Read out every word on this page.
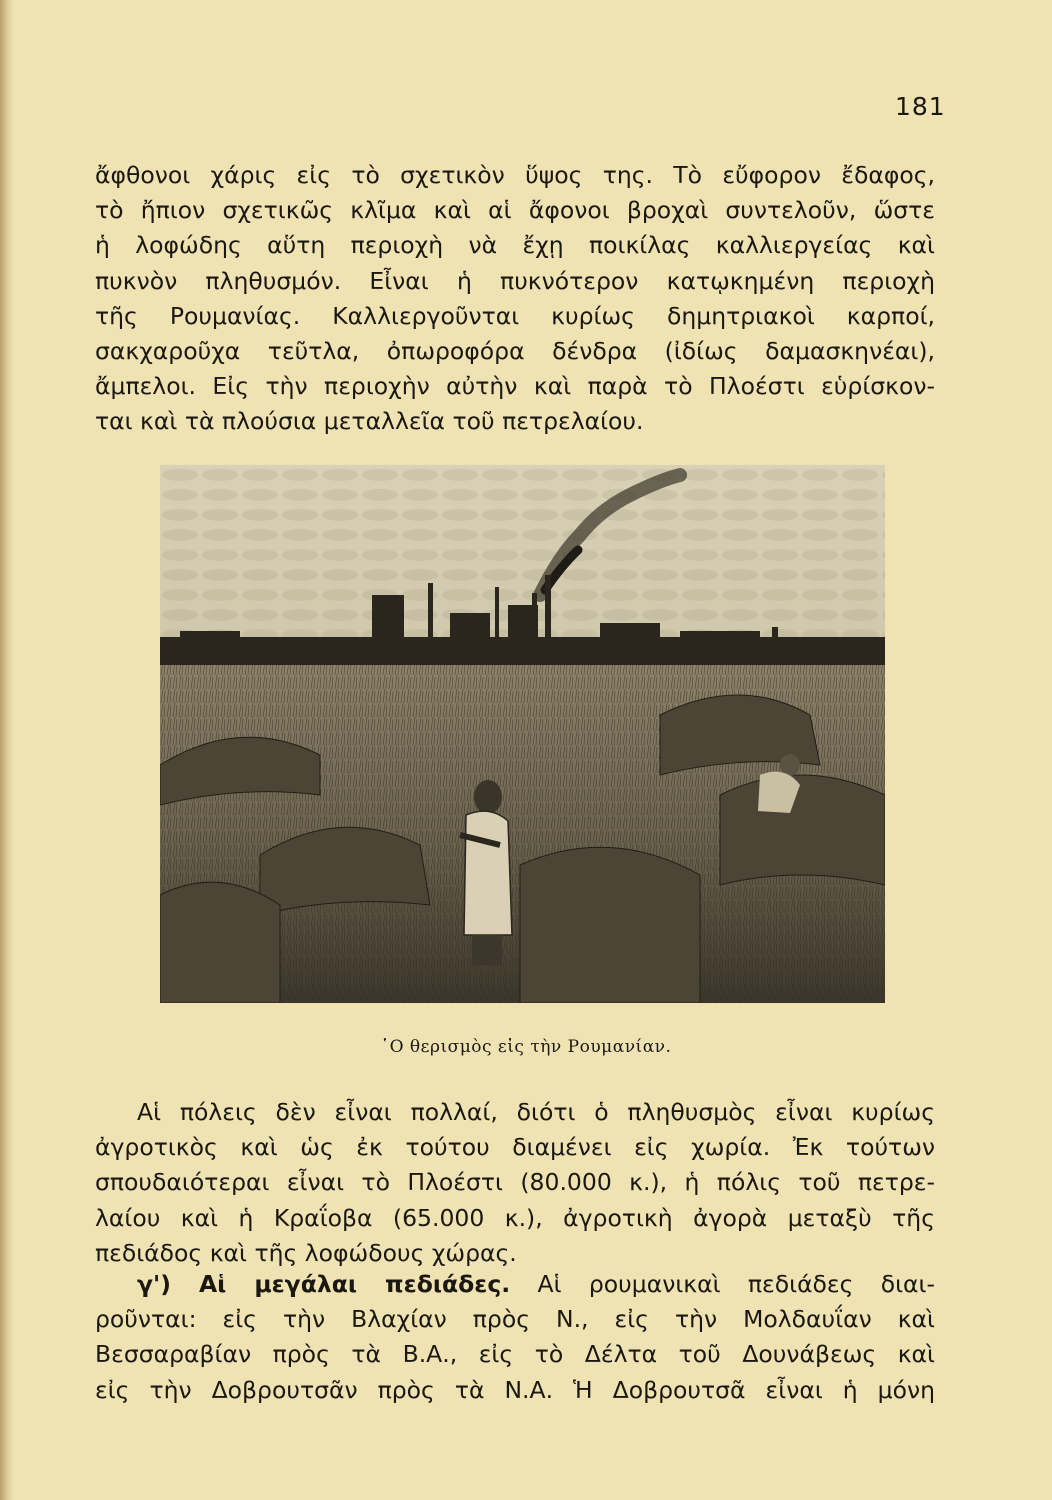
181
ἄφθονοι χάρις εἰς τὸ σχετικὸν ὕψος της. Τὸ εὔφορον ἔδαφος,
τὸ ἤπιον σχετικῶς κλῖμα καὶ αἱ ἄφονοι βροχαὶ συντελοῦν, ὥστε
ἡ λοφώδης αὕτη περιοχὴ νὰ ἔχῃ ποικίλας καλλιεργείας καὶ
πυκνὸν πληθυσμόν. Εἶναι ἡ πυκνότερον κατῳκημένη περιοχὴ
τῆς Ρουμανίας. Καλλιεργοῦνται κυρίως δημητριακοὶ καρποί,
σακχαροῦχα τεῦτλα, ὀπωροφόρα δένδρα (ἰδίως δαμασκηνέαι),
ἄμπελοι. Εἰς τὴν περιοχὴν αὐτὴν καὶ παρὰ τὸ Πλοέστι εὑρίσκον-
ται καὶ τὰ πλούσια μεταλλεῖα τοῦ πετρελαίου.
῾Ο θερισμὸς εἰς τὴν Ρουμανίαν.
Αἱ πόλεις δὲν εἶναι πολλαί, διότι ὁ πληθυσμὸς εἶναι κυρίως
ἀγροτικὸς καὶ ὡς ἐκ τούτου διαμένει εἰς χωρία. Ἐκ τούτων
σπουδαιότεραι εἶναι τὸ Πλοέστι (80.000 κ.), ἡ πόλις τοῦ πετρε-
λαίου καὶ ἡ Κραΐοβα (65.000 κ.), ἀγροτικὴ ἀγορὰ μεταξὺ τῆς
πεδιάδος καὶ τῆς λοφώδους χώρας.
γ') Αἱ μεγάλαι πεδιάδες. Αἱ ρουμανικαὶ πεδιάδες διαι-
ροῦνται: εἰς τὴν Βλαχίαν πρὸς Ν., εἰς τὴν Μολδαυΐαν καὶ
Βεσσαραβίαν πρὸς τὰ Β.Α., εἰς τὸ Δέλτα τοῦ Δουνάβεως καὶ
εἰς τὴν Δοβρουτσᾶν πρὸς τὰ Ν.Α. Ἡ Δοβρουτσᾶ εἶναι ἡ μόνη
